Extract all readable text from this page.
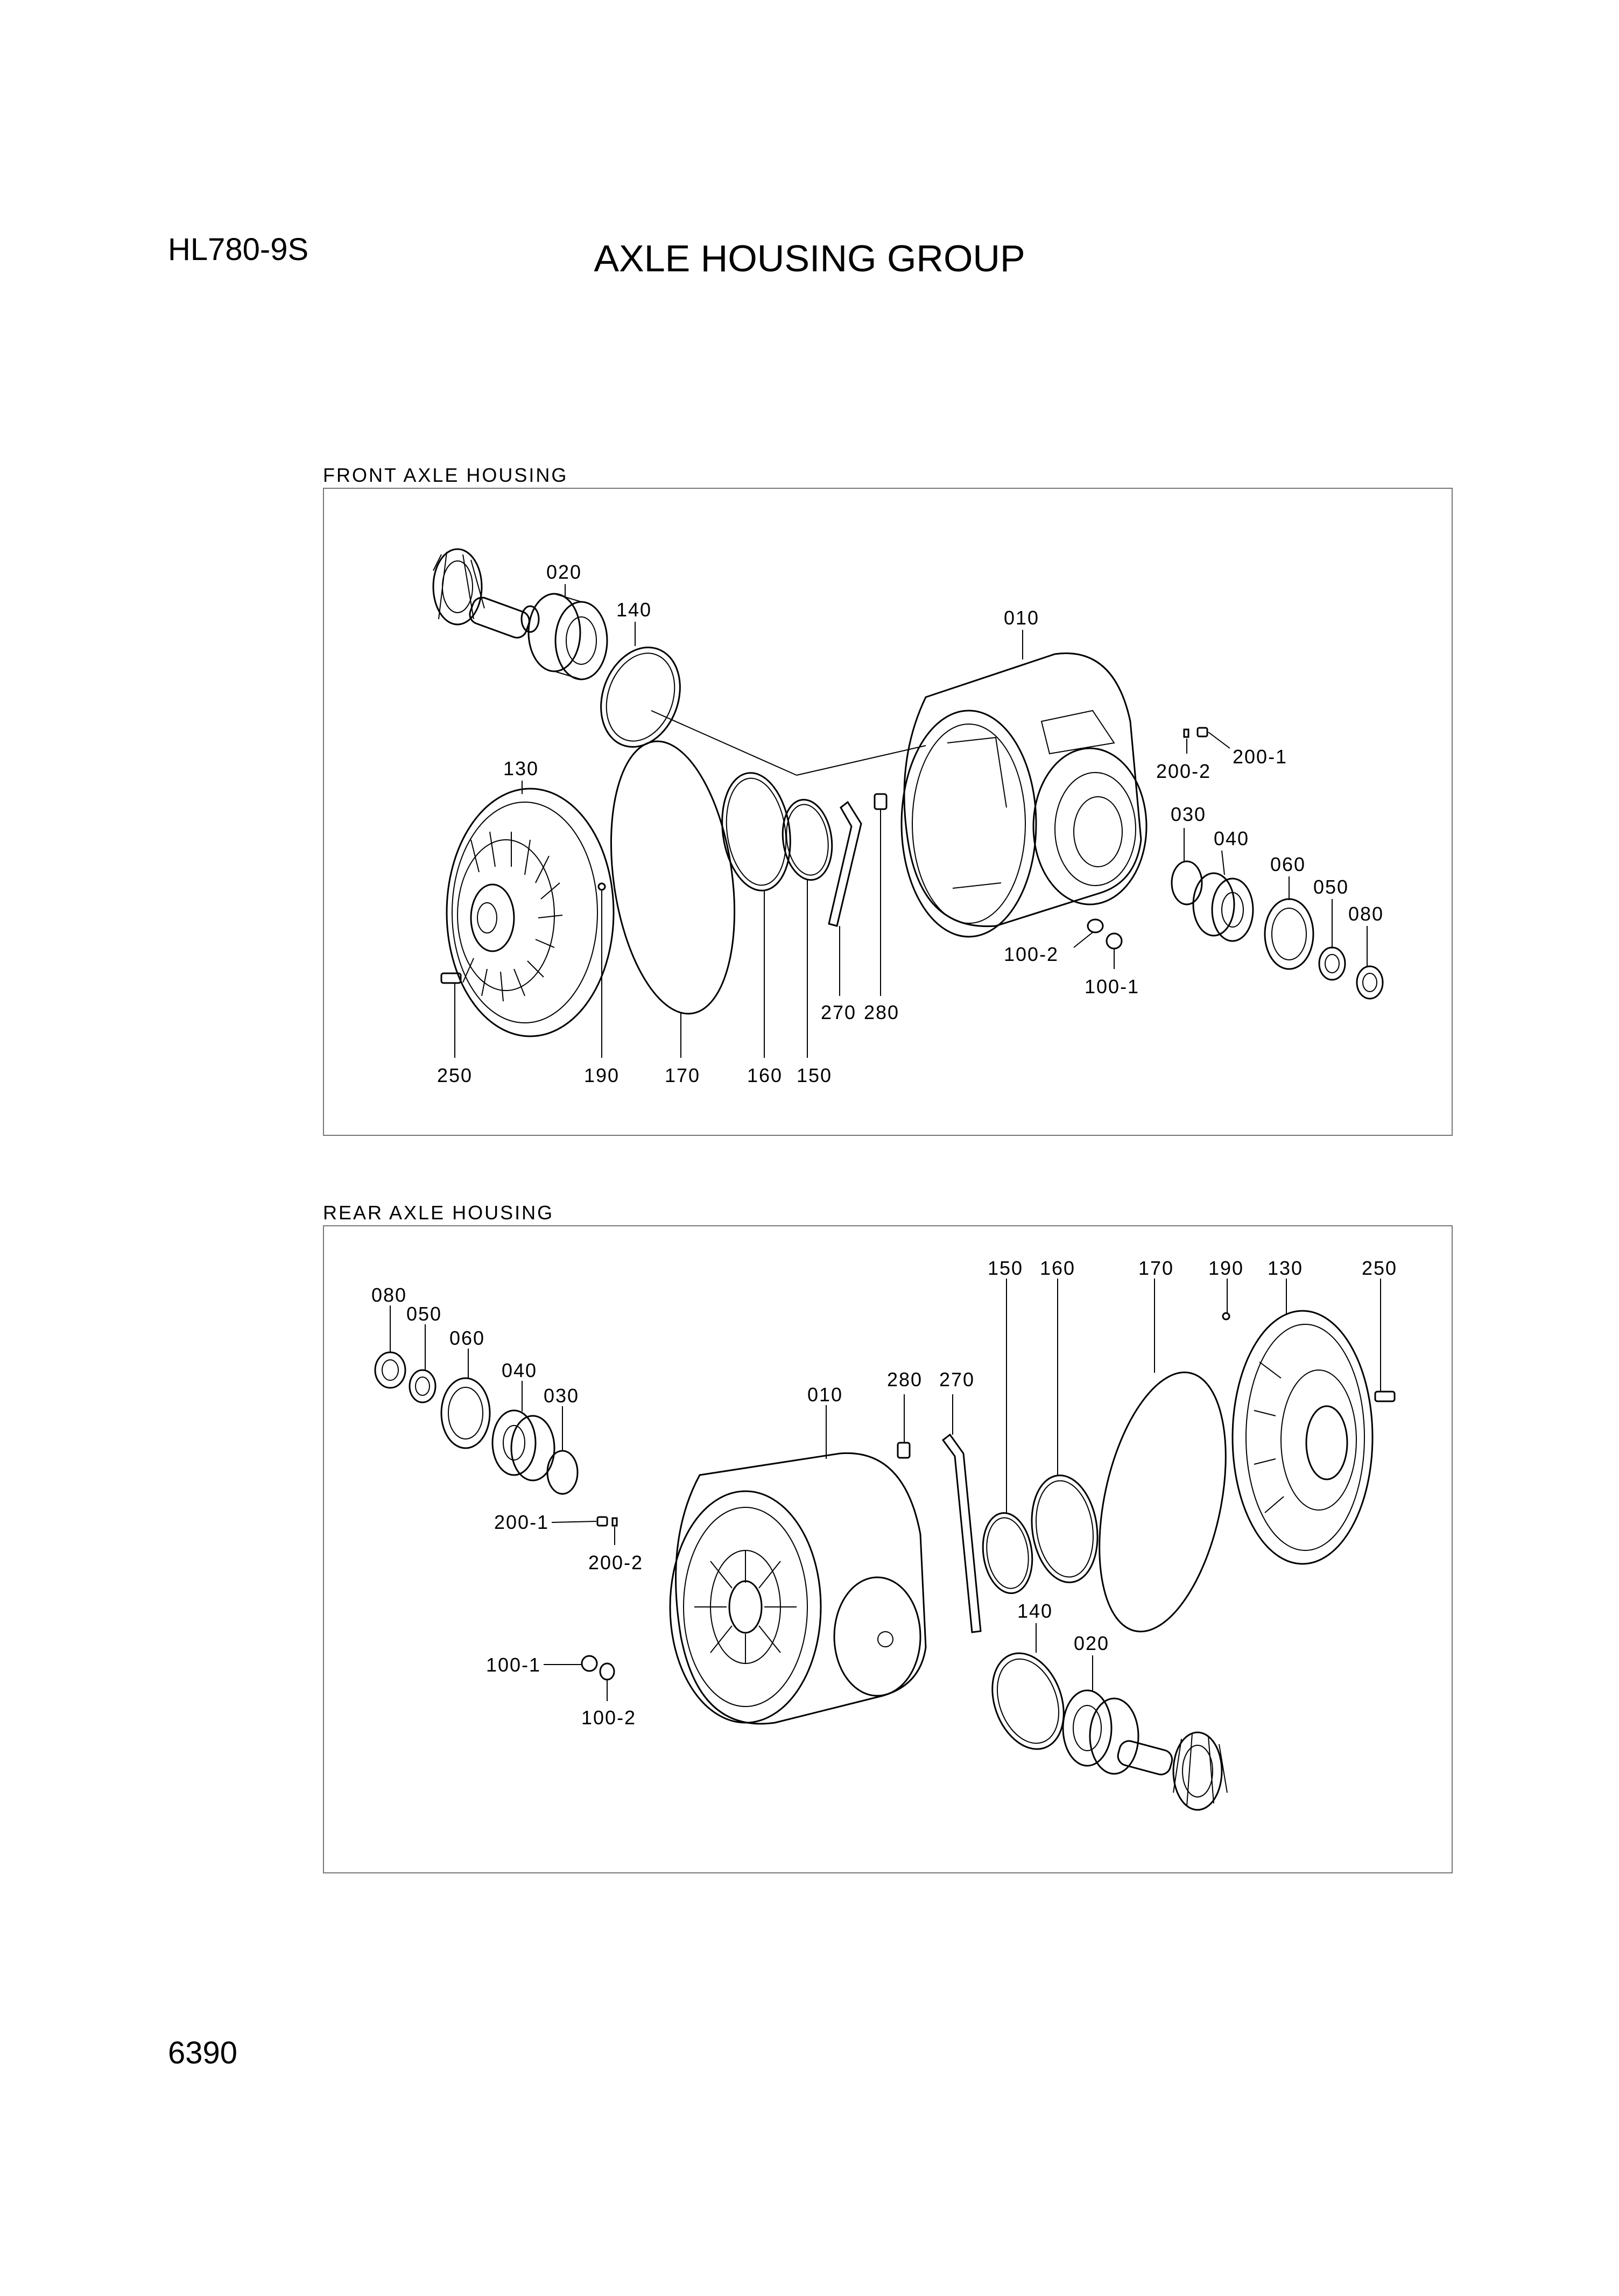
HL780-9S	AXLE HOUSING GROUP
FRONT AXLE HOUSING
REAR AXLE HOUSING
6390
020
140	010
130
200-1
200-2
030
040
060
050
080
100-2
100-1
270 280
250	190 170 160 150
080
050
060
040
030
200-1
200-2
100-1
100-2
010
280 270
150 160	170 190 130	250
140
020
